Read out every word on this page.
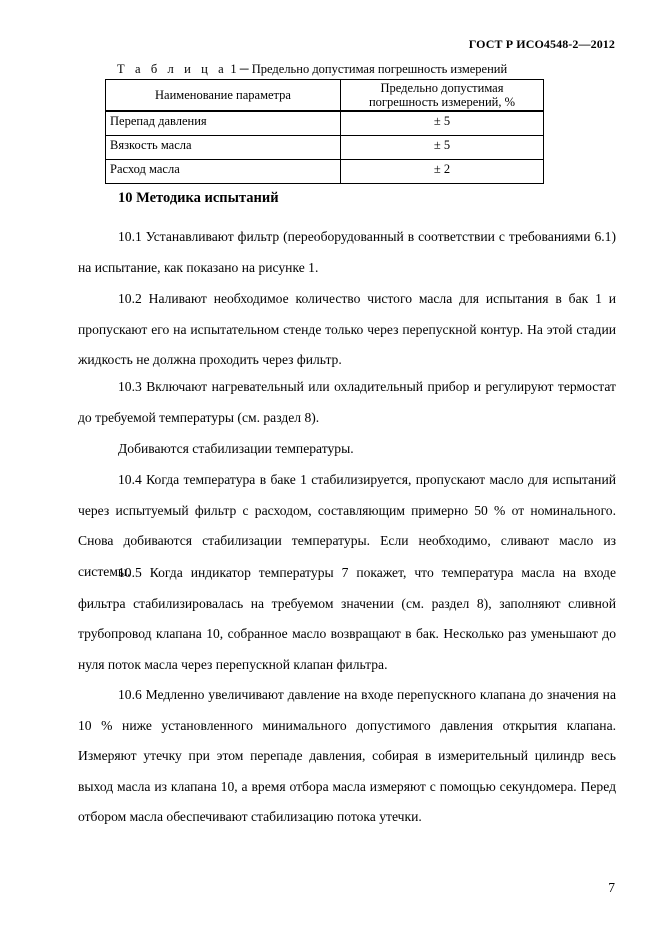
ГОСТ Р ИСО4548-2—2012
Т а б л и ц а 1 ─ Предельно допустимая погрешность измерений
Наименование параметра	Предельно допустимая погрешность измерений, %
Перепад давления	± 5
Вязкость масла	± 5
Расход масла	± 2
10 Методика испытаний

10.1 Устанавливают фильтр (переоборудованный в соответствии с требованиями 6.1) на испытание, как показано на рисунке 1.

10.2 Наливают необходимое количество чистого масла для испытания в бак 1 и пропускают его на испытательном стенде только через перепускной контур. На этой стадии жидкость не должна проходить через фильтр.

10.3 Включают нагревательный или охладительный прибор и регулируют термостат до требуемой температуры (см. раздел 8).

Добиваются стабилизации температуры.

10.4 Когда температура в баке 1 стабилизируется, пропускают масло для испытаний через испытуемый фильтр с расходом, составляющим примерно 50 % от номинального. Снова добиваются стабилизации температуры. Если необходимо, сливают масло из системы.

10.5 Когда индикатор температуры 7 покажет, что температура масла на входе фильтра стабилизировалась на требуемом значении (см. раздел 8), заполняют сливной трубопровод клапана 10, собранное масло возвращают в бак. Несколько раз уменьшают до нуля поток масла через перепускной клапан фильтра.

10.6 Медленно увеличивают давление на входе перепускного клапана до значения на 10 % ниже установленного минимального допустимого давления открытия клапана. Измеряют утечку при этом перепаде давления, собирая в измерительный цилиндр весь выход масла из клапана 10, а время отбора масла измеряют с помощью секундомера. Перед отбором масла обеспечивают стабилизацию потока утечки.

7
